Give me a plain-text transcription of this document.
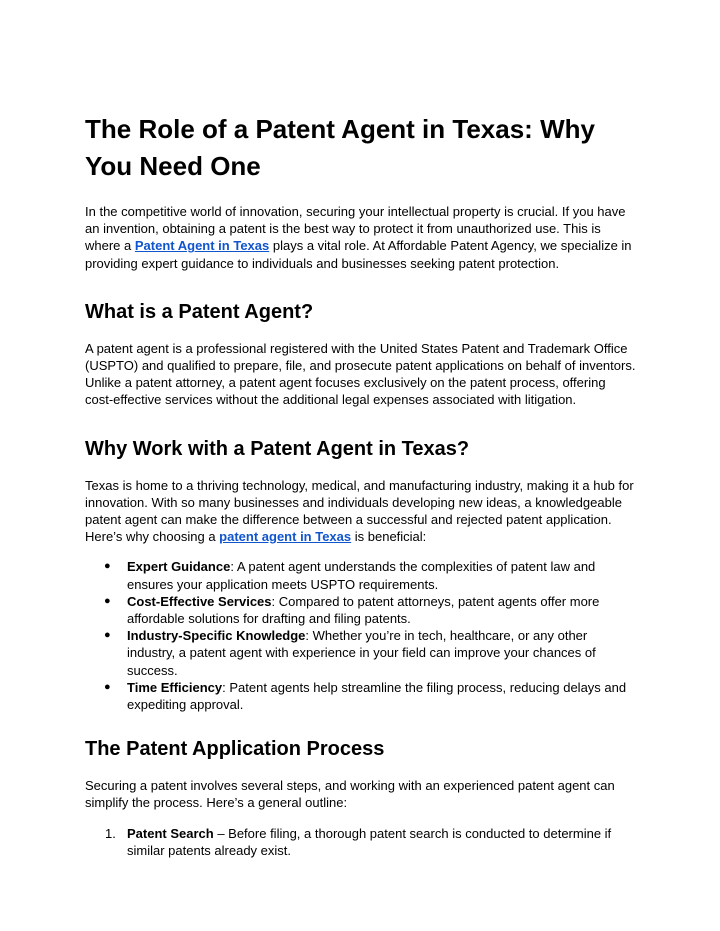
The Role of a Patent Agent in Texas: Why You Need One

In the competitive world of innovation, securing your intellectual property is crucial. If you have an invention, obtaining a patent is the best way to protect it from unauthorized use. This is where a Patent Agent in Texas plays a vital role. At Affordable Patent Agency, we specialize in providing expert guidance to individuals and businesses seeking patent protection.

What is a Patent Agent?

A patent agent is a professional registered with the United States Patent and Trademark Office (USPTO) and qualified to prepare, file, and prosecute patent applications on behalf of inventors. Unlike a patent attorney, a patent agent focuses exclusively on the patent process, offering cost-effective services without the additional legal expenses associated with litigation.

Why Work with a Patent Agent in Texas?

Texas is home to a thriving technology, medical, and manufacturing industry, making it a hub for innovation. With so many businesses and individuals developing new ideas, a knowledgeable patent agent can make the difference between a successful and rejected patent application. Here’s why choosing a patent agent in Texas is beneficial:

● Expert Guidance: A patent agent understands the complexities of patent law and ensures your application meets USPTO requirements.
● Cost-Effective Services: Compared to patent attorneys, patent agents offer more affordable solutions for drafting and filing patents.
● Industry-Specific Knowledge: Whether you’re in tech, healthcare, or any other industry, a patent agent with experience in your field can improve your chances of success.
● Time Efficiency: Patent agents help streamline the filing process, reducing delays and expediting approval.
The Patent Application Process

Securing a patent involves several steps, and working with an experienced patent agent can simplify the process. Here’s a general outline:

1. Patent Search – Before filing, a thorough patent search is conducted to determine if similar patents already exist.
